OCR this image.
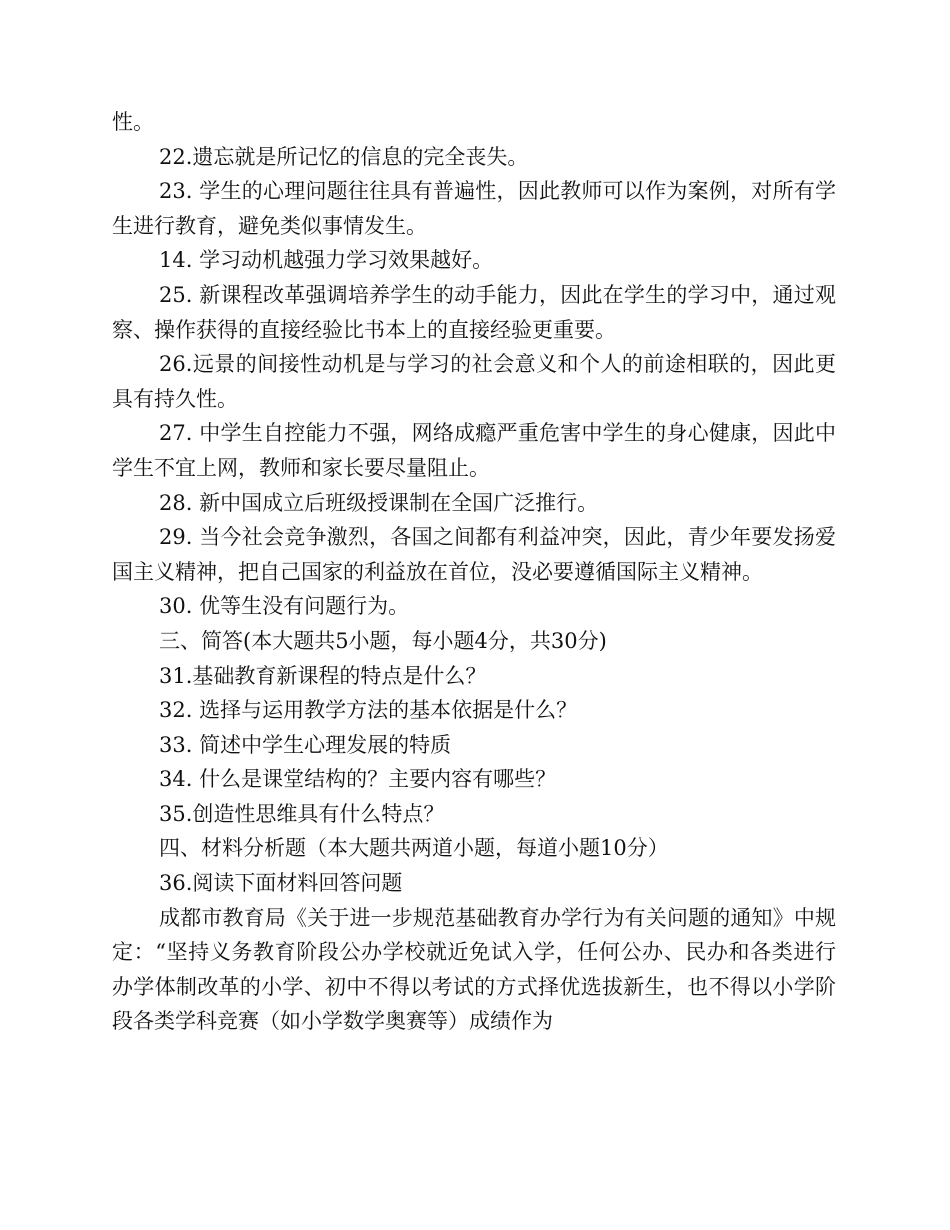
性。

22.遗忘就是所记忆的信息的完全丧失。

23. 学生的心理问题往往具有普遍性，因此教师可以作为案例，对所有学生进行教育，避免类似事情发生。

14. 学习动机越强力学习效果越好。

25. 新课程改革强调培养学生的动手能力，因此在学生的学习中，通过观察、操作获得的直接经验比书本上的直接经验更重要。

26.远景的间接性动机是与学习的社会意义和个人的前途相联的，因此更具有持久性。

27. 中学生自控能力不强，网络成瘾严重危害中学生的身心健康，因此中学生不宜上网，教师和家长要尽量阻止。

28. 新中国成立后班级授课制在全国广泛推行。

29. 当今社会竞争激烈，各国之间都有利益冲突，因此，青少年要发扬爱国主义精神，把自己国家的利益放在首位，没必要遵循国际主义精神。

30. 优等生没有问题行为。

三、简答(本大题共5小题，每小题4分，共30分)

31.基础教育新课程的特点是什么？

32. 选择与运用教学方法的基本依据是什么？

33. 简述中学生心理发展的特质

34. 什么是课堂结构的？主要内容有哪些？

35.创造性思维具有什么特点？

四、材料分析题（本大题共两道小题，每道小题10分）

36.阅读下面材料回答问题

成都市教育局《关于进一步规范基础教育办学行为有关问题的通知》中规定：“坚持义务教育阶段公办学校就近免试入学，任何公办、民办和各类进行办学体制改革的小学、初中不得以考试的方式择优选拔新生，也不得以小学阶段各类学科竞赛（如小学数学奥赛等）成绩作为
